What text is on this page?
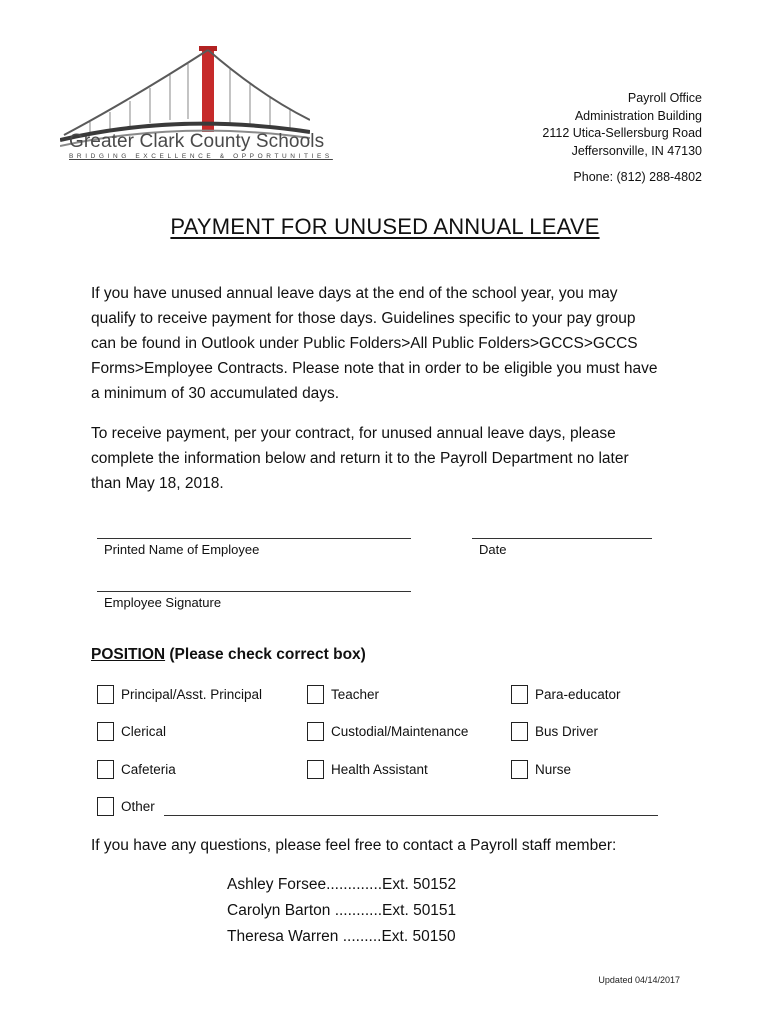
Greater Clark County Schools
BRIDGING EXCELLENCE & OPPORTUNITIES
Payroll Office
Administration Building
2112 Utica-Sellersburg Road
Jeffersonville, IN 47130
Phone: (812) 288-4802
PAYMENT FOR UNUSED ANNUAL LEAVE
If you have unused annual leave days at the end of the school year, you may
qualify to receive payment for those days. Guidelines specific to your pay group
can be found in Outlook under Public Folders>All Public Folders>GCCS>GCCS
Forms>Employee Contracts. Please note that in order to be eligible you must have
a minimum of 30 accumulated days.
To receive payment, per your contract, for unused annual leave days, please
complete the information below and return it to the Payroll Department no later
than May 18, 2018.
Printed Name of Employee	Date
Employee Signature
POSITION (Please check correct box)
Principal/Asst. Principal	Teacher	Para-educator
Clerical	Custodial/Maintenance	Bus Driver
Cafeteria	Health Assistant	Nurse
Other
If you have any questions, please feel free to contact a Payroll staff member:
Ashley Forsee.............Ext. 50152
Carolyn Barton ...........Ext. 50151
Theresa Warren .........Ext. 50150
Updated 04/14/2017
